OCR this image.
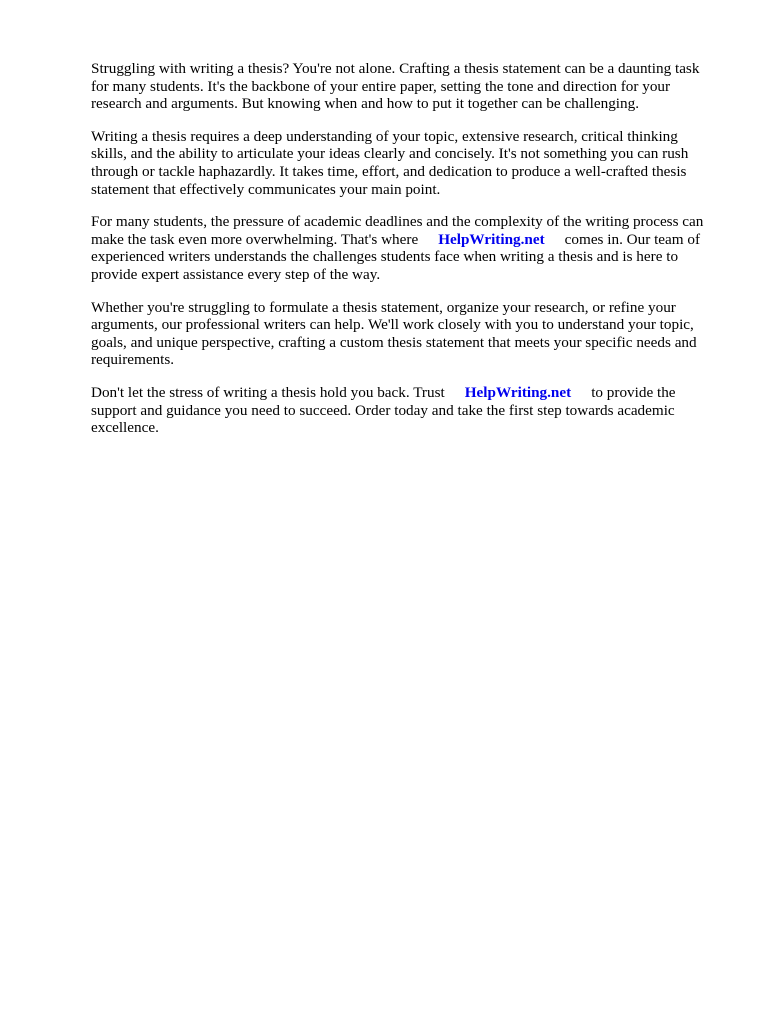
Struggling with writing a thesis? You're not alone. Crafting a thesis statement can be a daunting task
for many students. It's the backbone of your entire paper, setting the tone and direction for your
research and arguments. But knowing when and how to put it together can be challenging.

Writing a thesis requires a deep understanding of your topic, extensive research, critical thinking
skills, and the ability to articulate your ideas clearly and concisely. It's not something you can rush
through or tackle haphazardly. It takes time, effort, and dedication to produce a well-crafted thesis
statement that effectively communicates your main point.

For many students, the pressure of academic deadlines and the complexity of the writing process can
make the task even more overwhelming. That's where HelpWriting.net comes in. Our team of
experienced writers understands the challenges students face when writing a thesis and is here to
provide expert assistance every step of the way.

Whether you're struggling to formulate a thesis statement, organize your research, or refine your
arguments, our professional writers can help. We'll work closely with you to understand your topic,
goals, and unique perspective, crafting a custom thesis statement that meets your specific needs and
requirements.

Don't let the stress of writing a thesis hold you back. Trust HelpWriting.net to provide the
support and guidance you need to succeed. Order today and take the first step towards academic
excellence.
